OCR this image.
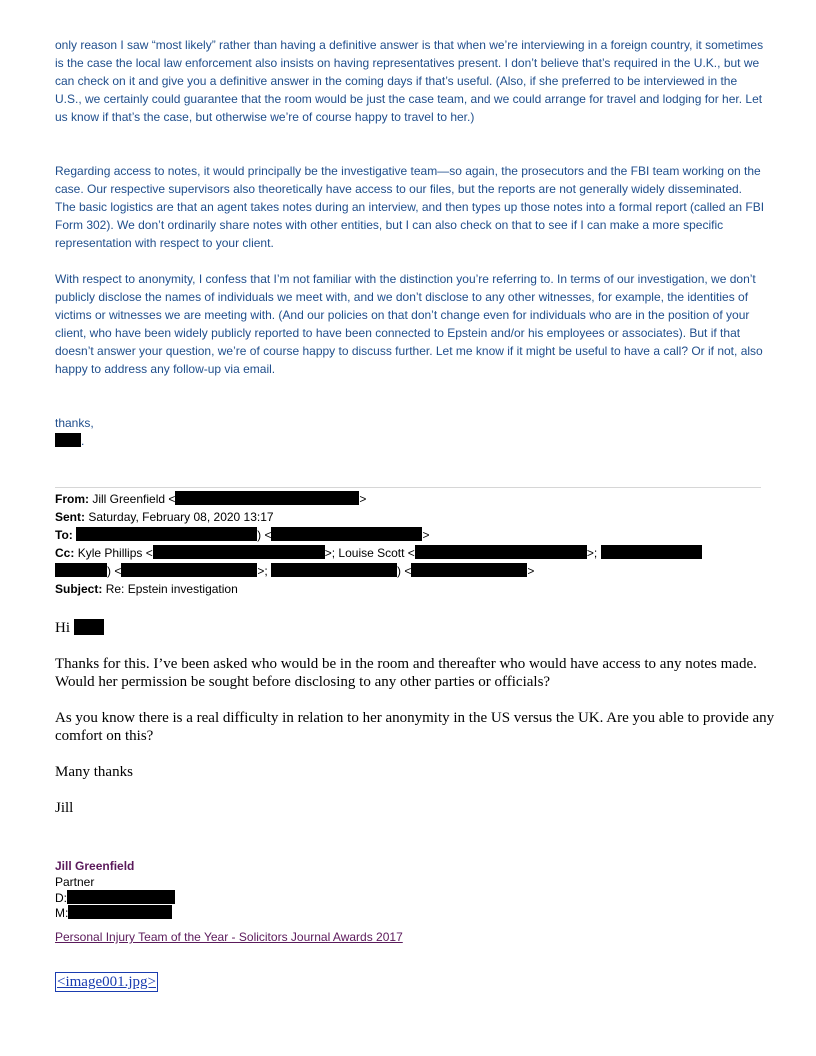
only reason I saw “most likely” rather than having a definitive answer is that when we’re interviewing in a foreign country, it sometimes is the case the local law enforcement also insists on having representatives present. I don’t believe that’s required in the U.K., but we can check on it and give you a definitive answer in the coming days if that’s useful. (Also, if she preferred to be interviewed in the U.S., we certainly could guarantee that the room would be just the case team, and we could arrange for travel and lodging for her. Let us know if that’s the case, but otherwise we’re of course happy to travel to her.)

Regarding access to notes, it would principally be the investigative team—so again, the prosecutors and the FBI team working on the case. Our respective supervisors also theoretically have access to our files, but the reports are not generally widely disseminated. The basic logistics are that an agent takes notes during an interview, and then types up those notes into a formal report (called an FBI Form 302). We don’t ordinarily share notes with other entities, but I can also check on that to see if I can make a more specific representation with respect to your client.

With respect to anonymity, I confess that I’m not familiar with the distinction you’re referring to. In terms of our investigation, we don’t publicly disclose the names of individuals we meet with, and we don’t disclose to any other witnesses, for example, the identities of victims or witnesses we are meeting with. (And our policies on that don’t change even for individuals who are in the position of your client, who have been widely publicly reported to have been connected to Epstein and/or his employees or associates). But if that doesn’t answer your question, we’re of course happy to discuss further. Let me know if it might be useful to have a call? Or if not, also happy to address any follow-up via email.

thanks,
.
From: Jill Greenfield <	>
Sent: Saturday, February 08, 2020 13:17
To:	) <	>
Cc: Kyle Phillips <	>; Louise Scott <	>;
) <	>;	) <	>
Subject: Re: Epstein investigation
Hi

Thanks for this. I’ve been asked who would be in the room and thereafter who would have access to any notes made. Would her permission be sought before disclosing to any other parties or officials?

As you know there is a real difficulty in relation to her anonymity in the US versus the UK. Are you able to provide any comfort on this?

Many thanks
Jill
Jill Greenfield
Partner
D:
M:
Personal Injury Team of the Year - Solicitors Journal Awards 2017
<image001.jpg>
